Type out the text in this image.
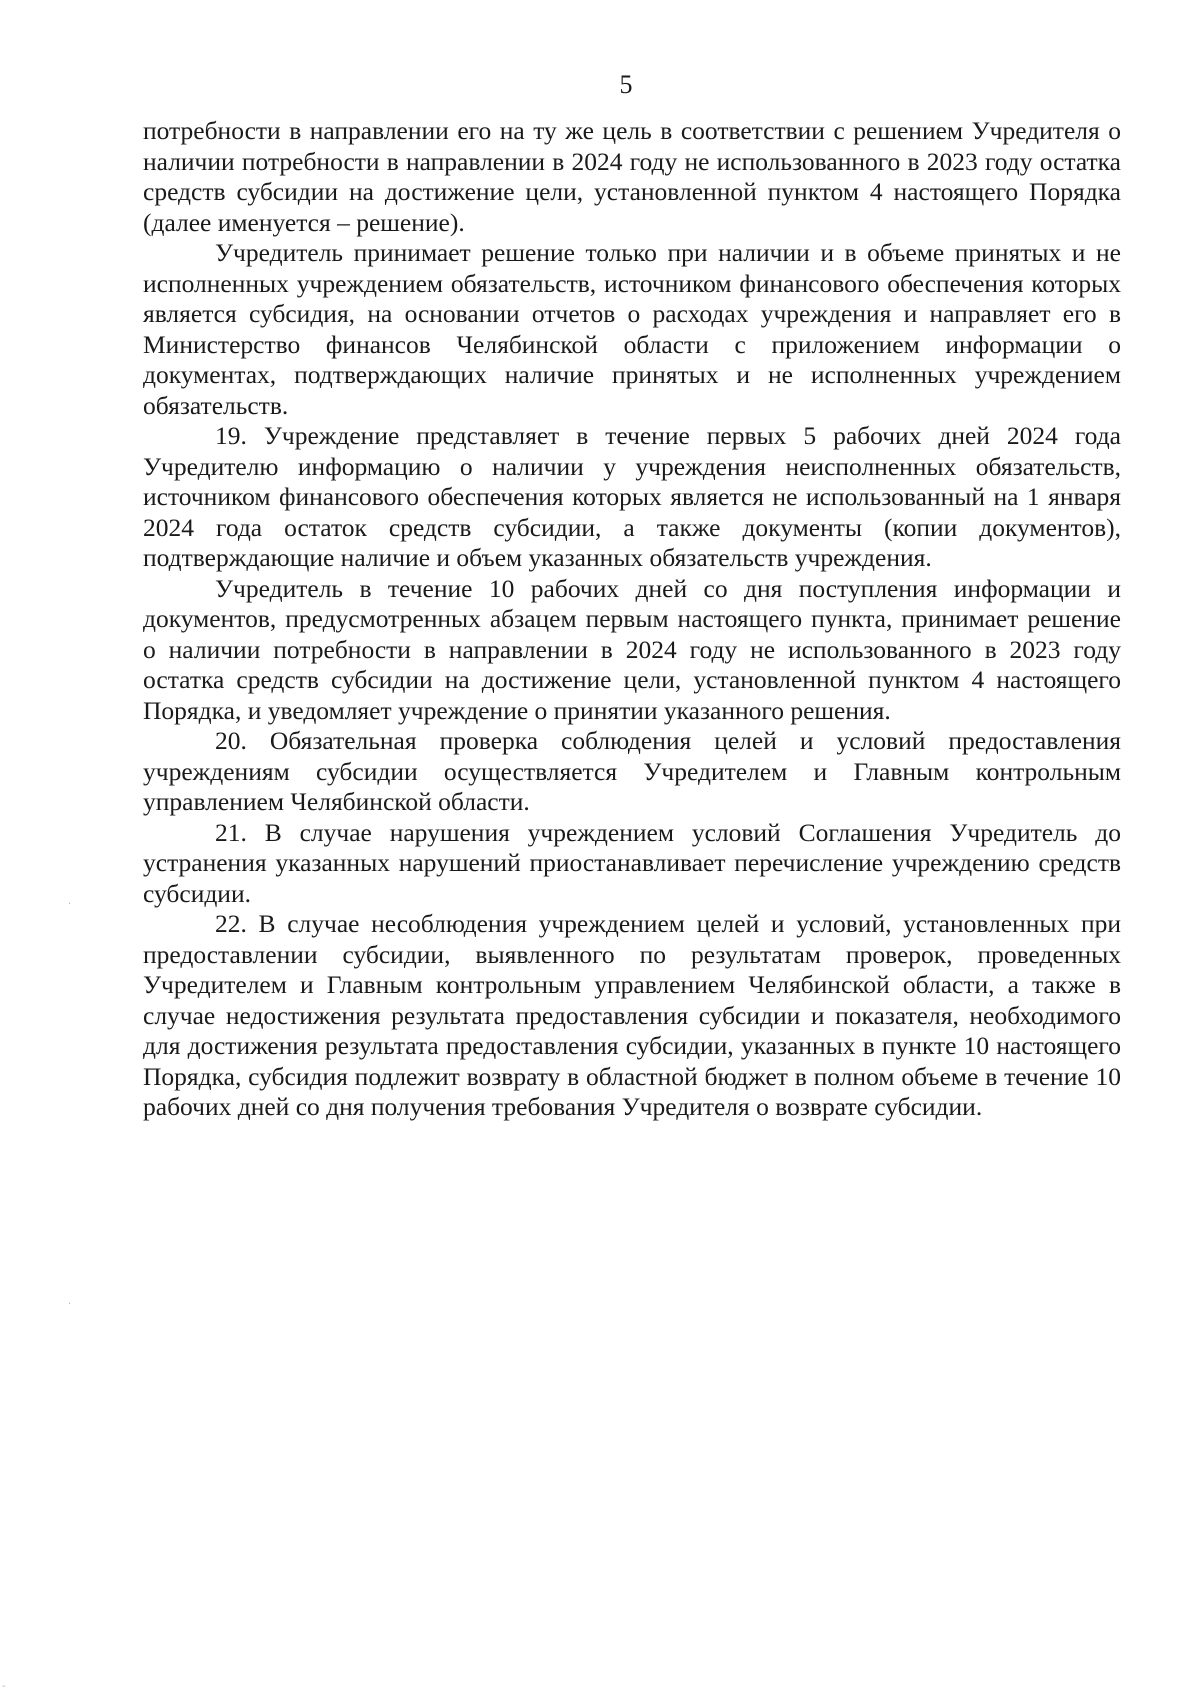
5

потребности в направлении его на ту же цель в соответствии с решением Учредителя о наличии потребности в направлении в 2024 году не использованного в 2023 году остатка средств субсидии на достижение цели, установленной пунктом 4 настоящего Порядка (далее именуется – решение).

Учредитель принимает решение только при наличии и в объеме принятых и не исполненных учреждением обязательств, источником финансового обеспечения которых является субсидия, на основании отчетов о расходах учреждения и направляет его в Министерство финансов Челябинской области с приложением информации о документах, подтверждающих наличие принятых и не исполненных учреждением обязательств.

19. Учреждение представляет в течение первых 5 рабочих дней 2024 года Учредителю информацию о наличии у учреждения неисполненных обязательств, источником финансового обеспечения которых является не использованный на 1 января 2024 года остаток средств субсидии, а также документы (копии документов), подтверждающие наличие и объем указанных обязательств учреждения.

Учредитель в течение 10 рабочих дней со дня поступления информации и документов, предусмотренных абзацем первым настоящего пункта, принимает решение о наличии потребности в направлении в 2024 году не использованного в 2023 году остатка средств субсидии на достижение цели, установленной пунктом 4 настоящего Порядка, и уведомляет учреждение о принятии указанного решения.

20. Обязательная проверка соблюдения целей и условий предоставления учреждениям субсидии осуществляется Учредителем и Главным контрольным управлением Челябинской области.

21. В случае нарушения учреждением условий Соглашения Учредитель до устранения указанных нарушений приостанавливает перечисление учреждению средств субсидии.

22. В случае несоблюдения учреждением целей и условий, установленных при предоставлении субсидии, выявленного по результатам проверок, проведенных Учредителем и Главным контрольным управлением Челябинской области, а также в случае недостижения результата предоставления субсидии и показателя, необходимого для достижения результата предоставления субсидии, указанных в пункте 10 настоящего Порядка, субсидия подлежит возврату в областной бюджет в полном объеме в течение 10 рабочих дней со дня получения требования Учредителя о возврате субсидии.

·
·
-
